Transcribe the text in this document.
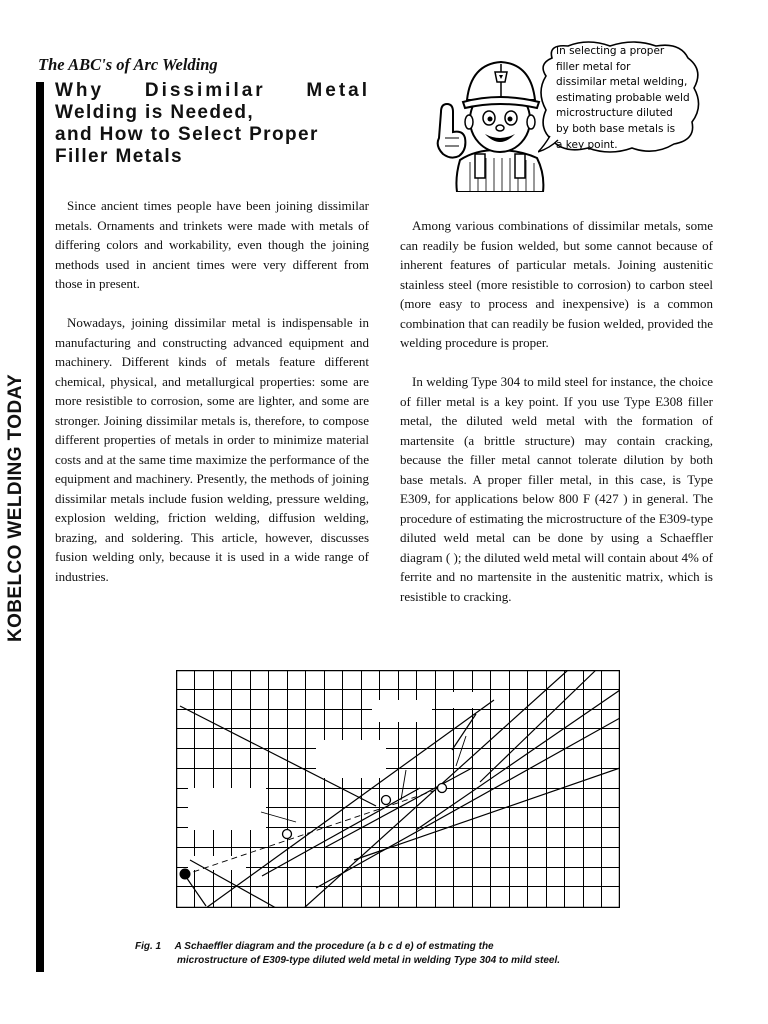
The ABC's of Arc Welding
KOBELCO WELDING TODAY
Why Dissimilar Metal
Welding is Needed,
and How to Select Proper
Filler Metals
In selecting a proper
filler metal for
dissimilar metal welding,
estimating probable weld
microstructure diluted
by both base metals is
a key point.

Since ancient times people have been joining dissimilar metals. Ornaments and trinkets were made with metals of differing colors and workability, even though the joining methods used in ancient times were very different from those in present.

Nowadays, joining dissimilar metal is indispensable in manufacturing and constructing advanced equipment and machinery. Different kinds of metals feature different chemical, physical, and metallurgical properties: some are more resistible to corrosion, some are lighter, and some are stronger. Joining dissimilar metals is, therefore, to compose different properties of metals in order to minimize material costs and at the same time maximize the performance of the equipment and machinery. Presently, the methods of joining dissimilar metals include fusion welding, pressure welding, explosion welding, friction welding, diffusion welding, brazing, and soldering. This article, however, discusses fusion welding only, because it is used in a wide range of industries.

Among various combinations of dissimilar metals, some can readily be fusion welded, but some cannot because of inherent features of particular metals. Joining austenitic stainless steel (more resistible to corrosion) to carbon steel (more easy to process and inexpensive) is a common combination that can readily be fusion welded, provided the welding procedure is proper.

In welding Type 304 to mild steel for instance, the choice of filler metal is a key point. If you use Type E308 filler metal, the diluted weld metal with the formation of martensite (a brittle structure) may contain cracking, because the filler metal cannot tolerate dilution by both base metals. A proper filler metal, in this case, is Type E309, for applications below 800 F (427 ) in general. The procedure of estimating the microstructure of the E309-type diluted weld metal can be done by using a Schaeffler diagram ( ); the diluted weld metal will contain about 4% of ferrite and no martensite in the austenitic matrix, which is resistible to cracking.

Fig. 1 A Schaeffler diagram and the procedure (a b c d e) of estmating the
microstructure of E309-type diluted weld metal in welding Type 304 to mild steel.
